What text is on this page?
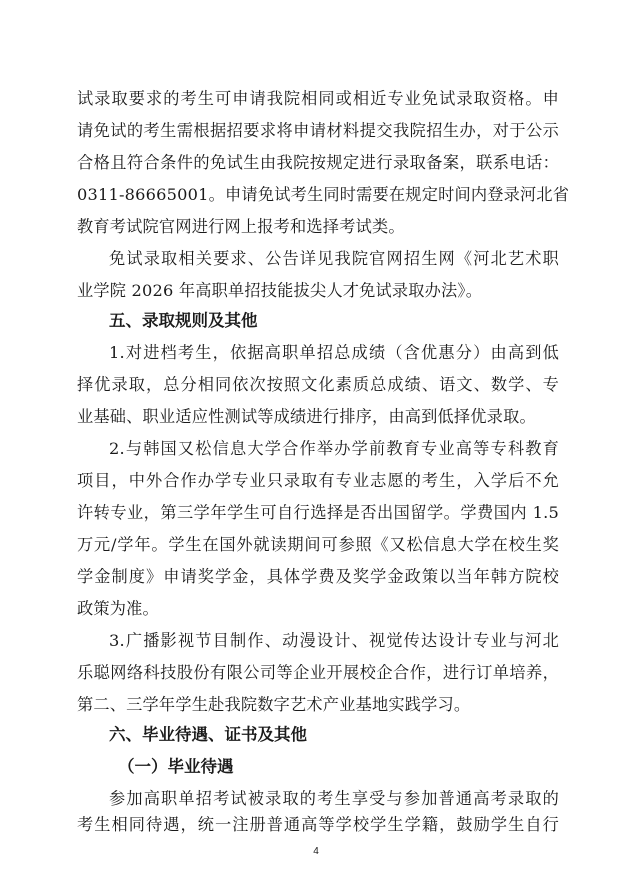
试录取要求的考生可申请我院相同或相近专业免试录取资格。申
请免试的考生需根据招要求将申请材料提交我院招生办，对于公示
合格且符合条件的免试生由我院按规定进行录取备案，联系电话：
0311-86665001。申请免试考生同时需要在规定时间内登录河北省
教育考试院官网进行网上报考和选择考试类。
免试录取相关要求、公告详见我院官网招生网《河北艺术职
业学院 2026 年高职单招技能拔尖人才免试录取办法》。
五、录取规则及其他
1.对进档考生，依据高职单招总成绩（含优惠分）由高到低
择优录取，总分相同依次按照文化素质总成绩、语文、数学、专
业基础、职业适应性测试等成绩进行排序，由高到低择优录取。
2.与韩国又松信息大学合作举办学前教育专业高等专科教育
项目，中外合作办学专业只录取有专业志愿的考生，入学后不允
许转专业，第三学年学生可自行选择是否出国留学。学费国内 1.5
万元/学年。学生在国外就读期间可参照《又松信息大学在校生奖
学金制度》申请奖学金，具体学费及奖学金政策以当年韩方院校
政策为准。
3.广播影视节目制作、动漫设计、视觉传达设计专业与河北
乐聪网络科技股份有限公司等企业开展校企合作，进行订单培养，
第二、三学年学生赴我院数字艺术产业基地实践学习。
六、毕业待遇、证书及其他
（一）毕业待遇
参加高职单招考试被录取的考生享受与参加普通高考录取的
考生相同待遇，统一注册普通高等学校学生学籍，鼓励学生自行
4
